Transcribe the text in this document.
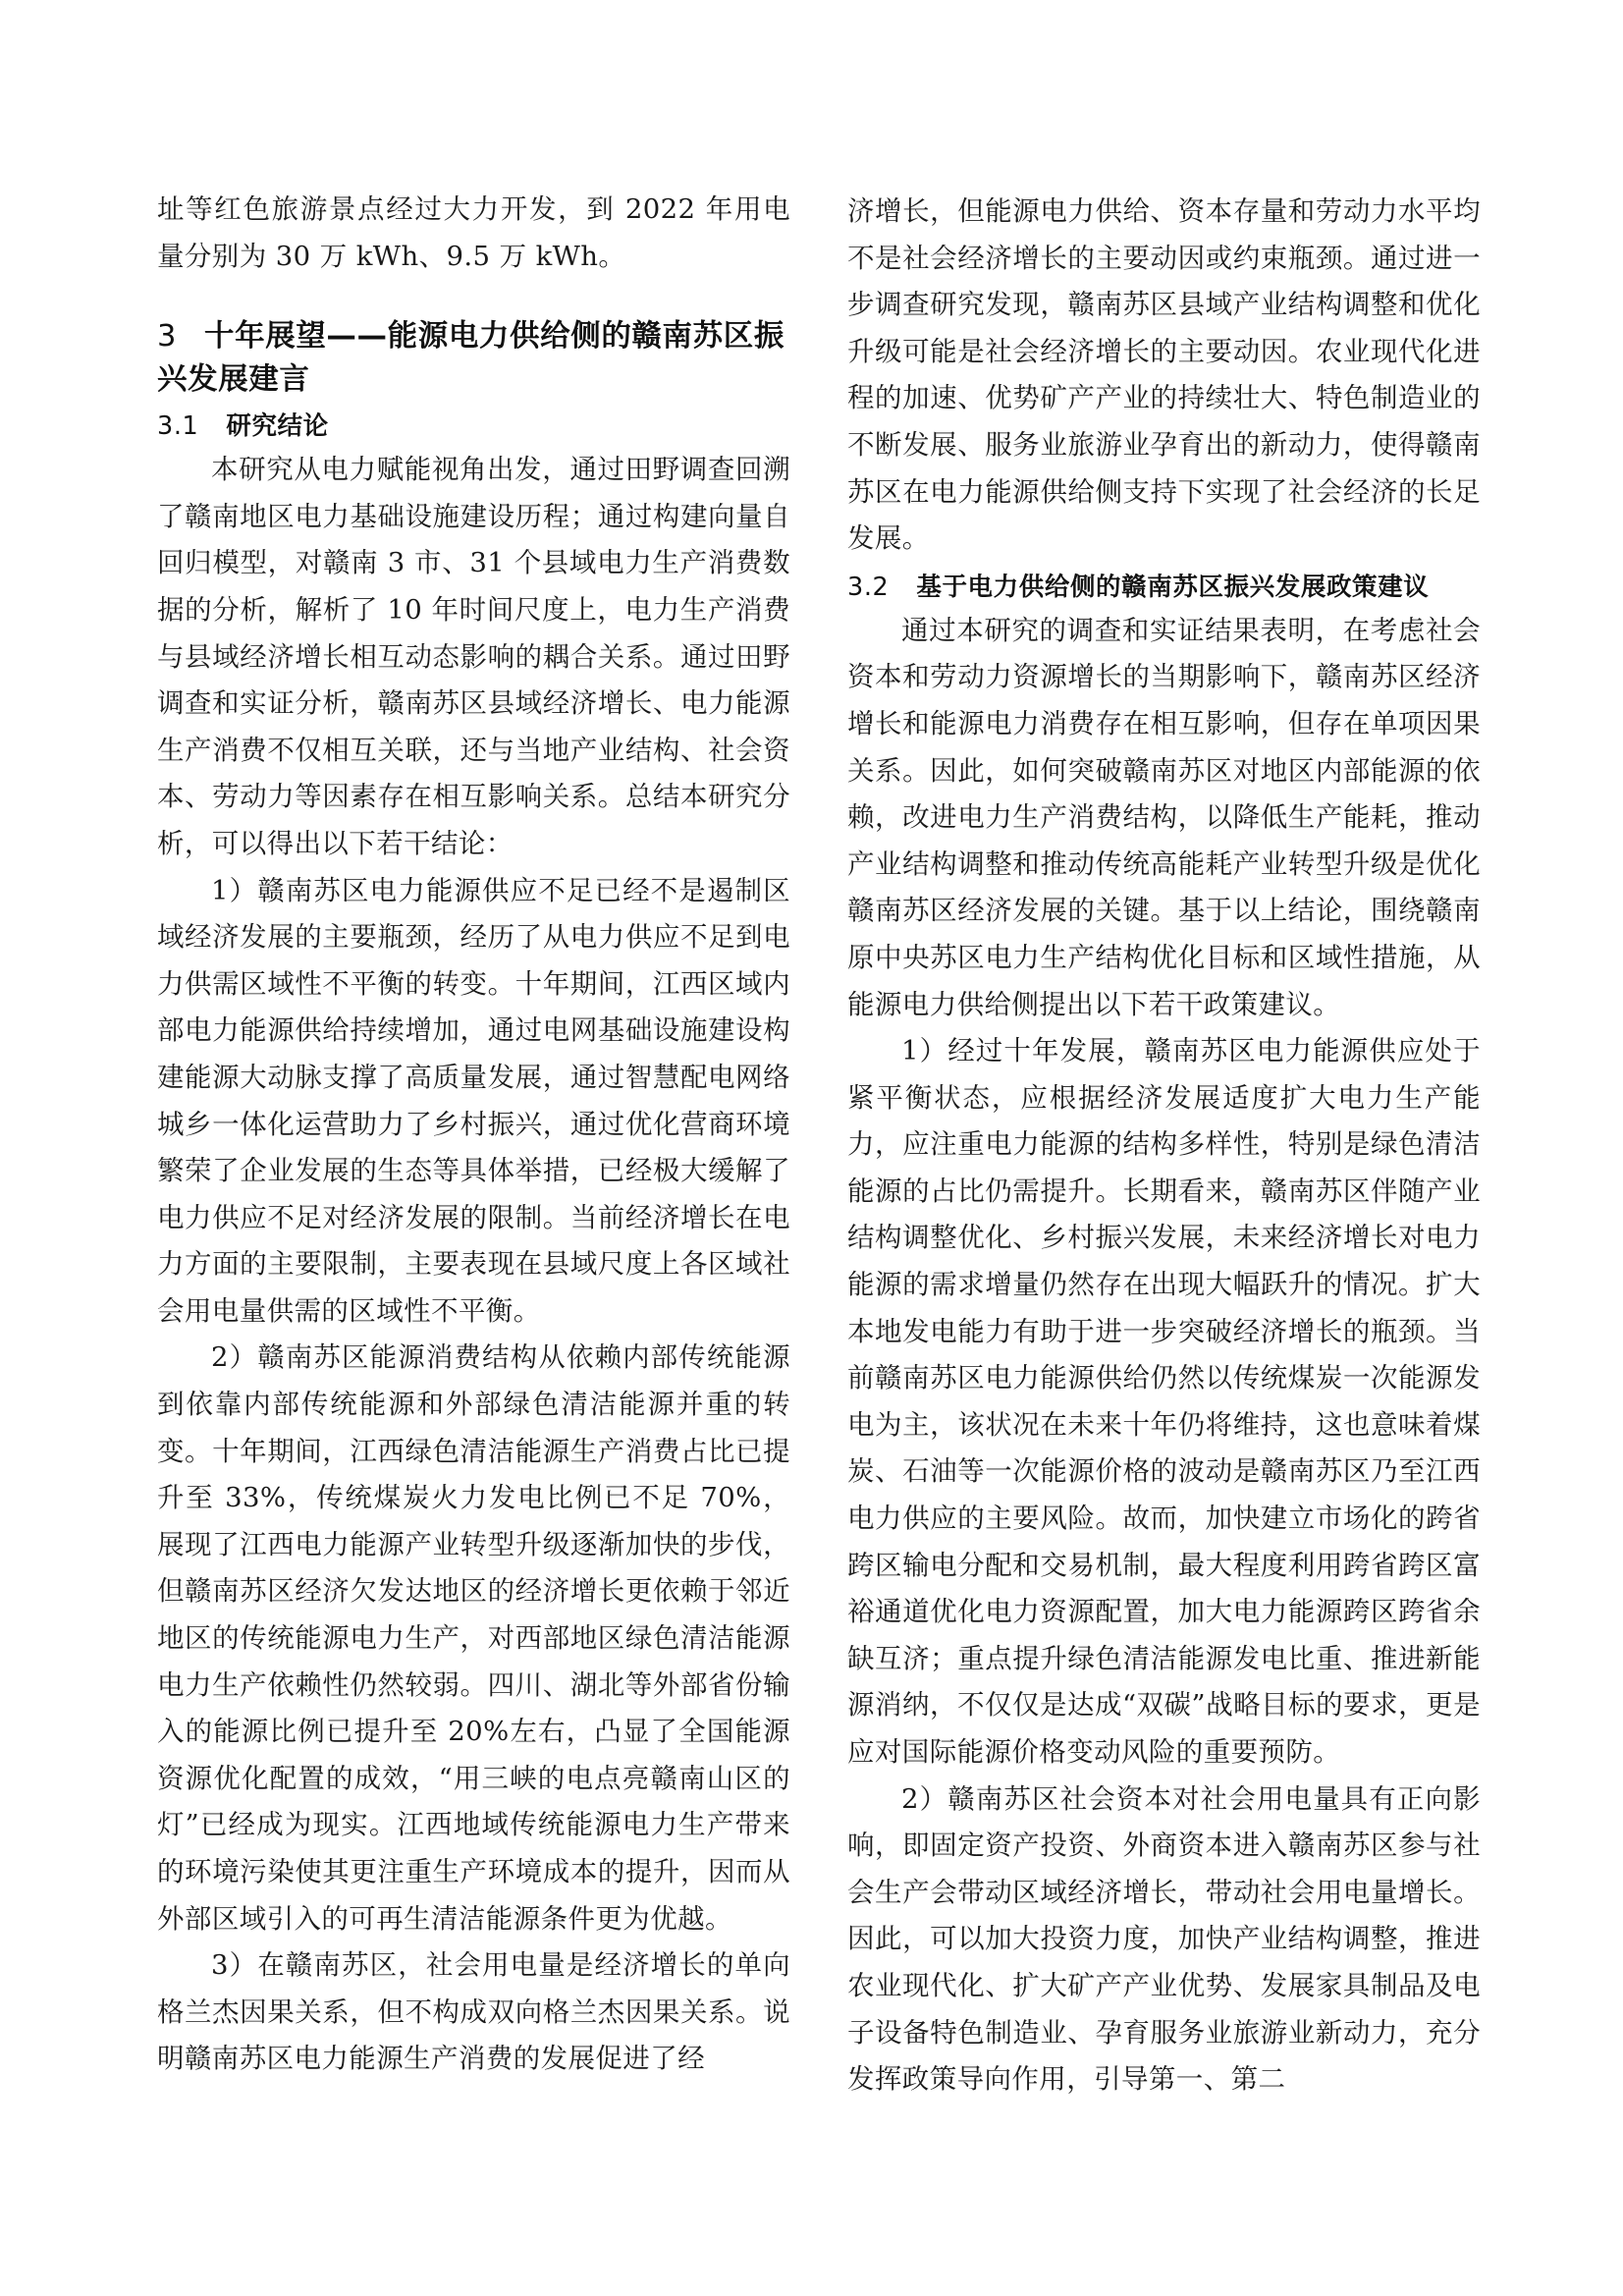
址等红色旅游景点经过大力开发，到 2022 年用电量分别为 30 万 kWh、9.5 万 kWh。

3 十年展望——能源电力供给侧的赣南苏区振兴发展建言
3.1 研究结论

本研究从电力赋能视角出发，通过田野调查回溯了赣南地区电力基础设施建设历程；通过构建向量自回归模型，对赣南 3 市、31 个县域电力生产消费数据的分析，解析了 10 年时间尺度上，电力生产消费与县域经济增长相互动态影响的耦合关系。通过田野调查和实证分析，赣南苏区县域经济增长、电力能源生产消费不仅相互关联，还与当地产业结构、社会资本、劳动力等因素存在相互影响关系。总结本研究分析，可以得出以下若干结论：

1）赣南苏区电力能源供应不足已经不是遏制区域经济发展的主要瓶颈，经历了从电力供应不足到电力供需区域性不平衡的转变。十年期间，江西区域内部电力能源供给持续增加，通过电网基础设施建设构建能源大动脉支撑了高质量发展，通过智慧配电网络城乡一体化运营助力了乡村振兴，通过优化营商环境繁荣了企业发展的生态等具体举措，已经极大缓解了电力供应不足对经济发展的限制。当前经济增长在电力方面的主要限制，主要表现在县域尺度上各区域社会用电量供需的区域性不平衡。

2）赣南苏区能源消费结构从依赖内部传统能源到依靠内部传统能源和外部绿色清洁能源并重的转变。十年期间，江西绿色清洁能源生产消费占比已提升至 33%，传统煤炭火力发电比例已不足 70%，展现了江西电力能源产业转型升级逐渐加快的步伐，但赣南苏区经济欠发达地区的经济增长更依赖于邻近地区的传统能源电力生产，对西部地区绿色清洁能源电力生产依赖性仍然较弱。四川、湖北等外部省份输入的能源比例已提升至 20%左右，凸显了全国能源资源优化配置的成效，“用三峡的电点亮赣南山区的灯”已经成为现实。江西地域传统能源电力生产带来的环境污染使其更注重生产环境成本的提升，因而从外部区域引入的可再生清洁能源条件更为优越。

3）在赣南苏区，社会用电量是经济增长的单向格兰杰因果关系，但不构成双向格兰杰因果关系。说明赣南苏区电力能源生产消费的发展促进了经

济增长，但能源电力供给、资本存量和劳动力水平均不是社会经济增长的主要动因或约束瓶颈。通过进一步调查研究发现，赣南苏区县域产业结构调整和优化升级可能是社会经济增长的主要动因。农业现代化进程的加速、优势矿产产业的持续壮大、特色制造业的不断发展、服务业旅游业孕育出的新动力，使得赣南苏区在电力能源供给侧支持下实现了社会经济的长足发展。

3.2 基于电力供给侧的赣南苏区振兴发展政策建议

通过本研究的调查和实证结果表明，在考虑社会资本和劳动力资源增长的当期影响下，赣南苏区经济增长和能源电力消费存在相互影响，但存在单项因果关系。因此，如何突破赣南苏区对地区内部能源的依赖，改进电力生产消费结构，以降低生产能耗，推动产业结构调整和推动传统高能耗产业转型升级是优化赣南苏区经济发展的关键。基于以上结论，围绕赣南原中央苏区电力生产结构优化目标和区域性措施，从能源电力供给侧提出以下若干政策建议。

1）经过十年发展，赣南苏区电力能源供应处于紧平衡状态，应根据经济发展适度扩大电力生产能力，应注重电力能源的结构多样性，特别是绿色清洁能源的占比仍需提升。长期看来，赣南苏区伴随产业结构调整优化、乡村振兴发展，未来经济增长对电力能源的需求增量仍然存在出现大幅跃升的情况。扩大本地发电能力有助于进一步突破经济增长的瓶颈。当前赣南苏区电力能源供给仍然以传统煤炭一次能源发电为主，该状况在未来十年仍将维持，这也意味着煤炭、石油等一次能源价格的波动是赣南苏区乃至江西电力供应的主要风险。故而，加快建立市场化的跨省跨区输电分配和交易机制，最大程度利用跨省跨区富裕通道优化电力资源配置，加大电力能源跨区跨省余缺互济；重点提升绿色清洁能源发电比重、推进新能源消纳，不仅仅是达成“双碳”战略目标的要求，更是应对国际能源价格变动风险的重要预防。

2）赣南苏区社会资本对社会用电量具有正向影响，即固定资产投资、外商资本进入赣南苏区参与社会生产会带动区域经济增长，带动社会用电量增长。因此，可以加大投资力度，加快产业结构调整，推进农业现代化、扩大矿产产业优势、发展家具制品及电子设备特色制造业、孕育服务业旅游业新动力，充分发挥政策导向作用，引导第一、第二
